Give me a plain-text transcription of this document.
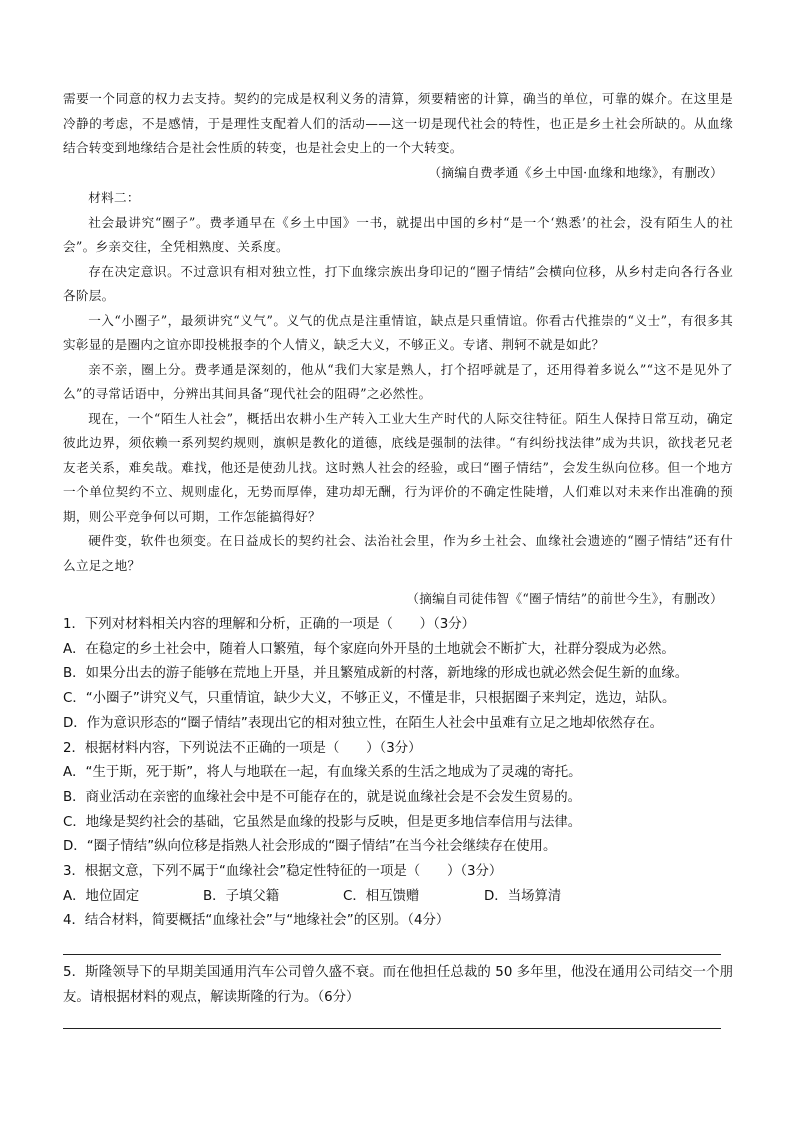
需要一个同意的权力去支持。契约的完成是权利义务的清算，须要精密的计算，确当的单位，可靠的媒介。在这里是冷静的考虑，不是感情，于是理性支配着人们的活动——这一切是现代社会的特性，也正是乡土社会所缺的。从血缘结合转变到地缘结合是社会性质的转变，也是社会史上的一个大转变。

（摘编自费孝通《乡土中国·血缘和地缘》，有删改）

材料二：

社会最讲究“圈子”。费孝通早在《乡土中国》一书，就提出中国的乡村“是一个‘熟悉’的社会，没有陌生人的社会”。乡亲交往，全凭相熟度、关系度。

存在决定意识。不过意识有相对独立性，打下血缘宗族出身印记的“圈子情结”会横向位移，从乡村走向各行各业各阶层。

一入“小圈子”，最须讲究“义气”。义气的优点是注重情谊，缺点是只重情谊。你看古代推崇的“义士”，有很多其实彰显的是圈内之谊亦即投桃报李的个人情义，缺乏大义，不够正义。专诸、荆轲不就是如此？

亲不亲，圈上分。费孝通是深刻的，他从“我们大家是熟人，打个招呼就是了，还用得着多说么”“这不是见外了么”的寻常话语中，分辨出其间具备“现代社会的阻碍”之必然性。

现在，一个“陌生人社会”，概括出农耕小生产转入工业大生产时代的人际交往特征。陌生人保持日常互动，确定彼此边界，须依赖一系列契约规则，旗帜是教化的道德，底线是强制的法律。“有纠纷找法律”成为共识，欲找老兄老友老关系，难矣哉。难找，他还是使劲儿找。这时熟人社会的经验，或曰“圈子情结”，会发生纵向位移。但一个地方一个单位契约不立、规则虚化，无势而厚俸，建功却无酬，行为评价的不确定性陡增，人们难以对未来作出准确的预期，则公平竞争何以可期，工作怎能搞得好？

硬件变，软件也须变。在日益成长的契约社会、法治社会里，作为乡土社会、血缘社会遗迹的“圈子情结”还有什么立足之地？

（摘编自司徒伟智《“圈子情结”的前世今生》，有删改）

1．下列对材料相关内容的理解和分析，正确的一项是（　　）（3分）

A．在稳定的乡土社会中，随着人口繁殖，每个家庭向外开垦的土地就会不断扩大，社群分裂成为必然。

B．如果分出去的游子能够在荒地上开垦，并且繁殖成新的村落，新地缘的形成也就必然会促生新的血缘。

C．“小圈子”讲究义气，只重情谊，缺少大义，不够正义，不懂是非，只根据圈子来判定，选边，站队。

D．作为意识形态的“圈子情结”表现出它的相对独立性，在陌生人社会中虽难有立足之地却依然存在。

2．根据材料内容，下列说法不正确的一项是（　　）（3分）

A．“生于斯，死于斯”，将人与地联在一起，有血缘关系的生活之地成为了灵魂的寄托。

B．商业活动在亲密的血缘社会中是不可能存在的，就是说血缘社会是不会发生贸易的。

C．地缘是契约社会的基础，它虽然是血缘的投影与反映，但是更多地信奉信用与法律。

D．“圈子情结”纵向位移是指熟人社会形成的“圈子情结”在当今社会继续存在使用。

3．根据文意，下列不属于“血缘社会”稳定性特征的一项是（　　）（3分）

A．地位固定	B．子填父籍	C．相互馈赠	D．当场算清

4．结合材料，简要概括“血缘社会”与“地缘社会”的区别。（4分）

5．斯隆领导下的早期美国通用汽车公司曾久盛不衰。而在他担任总裁的 50 多年里，他没在通用公司结交一个朋友。请根据材料的观点，解读斯隆的行为。（6分）
